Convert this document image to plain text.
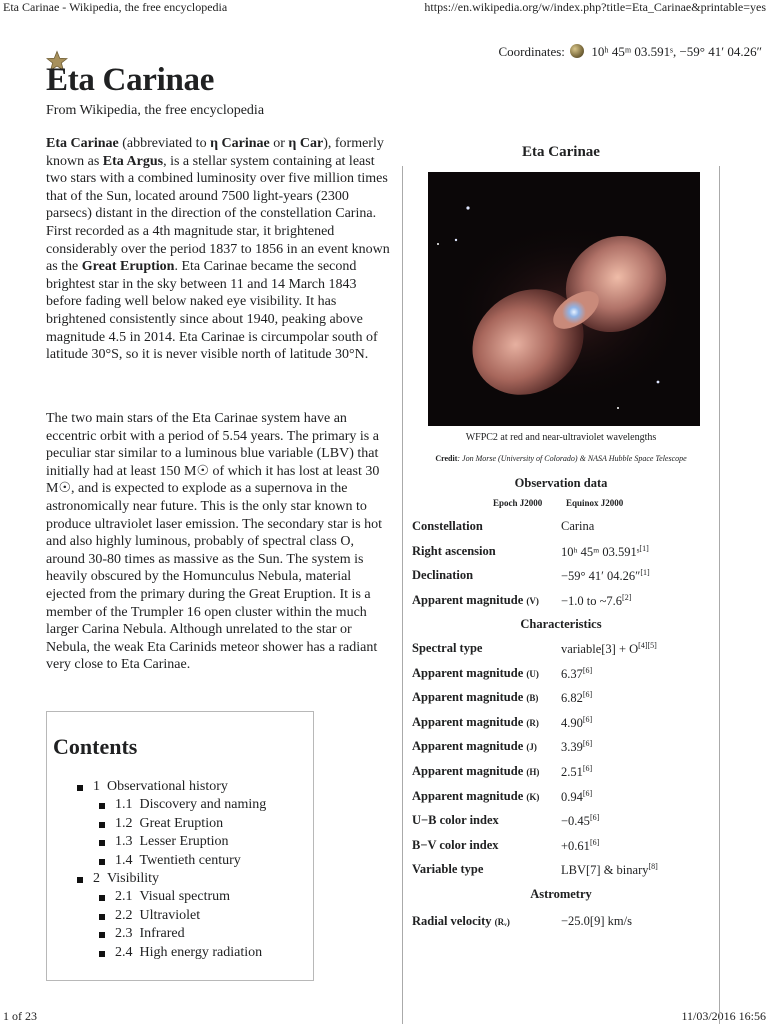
Eta Carinae - Wikipedia, the free encyclopedia	https://en.wikipedia.org/w/index.php?title=Eta_Carinae&printable=yes
1 of 23	11/03/2016 16:56
Coordinates: 10ʰ 45ᵐ 03.591ˢ, −59° 41′ 04.26″
Eta Carinae
From Wikipedia, the free encyclopedia

Eta Carinae (abbreviated to η Carinae or η Car), formerly known as Eta Argus, is a stellar system containing at least two stars with a combined luminosity over five million times that of the Sun, located around 7500 light-years (2300 parsecs) distant in the direction of the constellation Carina. First recorded as a 4th magnitude star, it brightened considerably over the period 1837 to 1856 in an event known as the Great Eruption. Eta Carinae became the second brightest star in the sky between 11 and 14 March 1843 before fading well below naked eye visibility. It has brightened consistently since about 1940, peaking above magnitude 4.5 in 2014. Eta Carinae is circumpolar south of latitude 30°S, so it is never visible north of latitude 30°N.

The two main stars of the Eta Carinae system have an eccentric orbit with a period of 5.54 years. The primary is a peculiar star similar to a luminous blue variable (LBV) that initially had at least 150 M☉ of which it has lost at least 30 M☉, and is expected to explode as a supernova in the astronomically near future. This is the only star known to produce ultraviolet laser emission. The secondary star is hot and also highly luminous, probably of spectral class O, around 30-80 times as massive as the Sun. The system is heavily obscured by the Homunculus Nebula, material ejected from the primary during the Great Eruption. It is a member of the Trumpler 16 open cluster within the much larger Carina Nebula. Although unrelated to the star or Nebula, the weak Eta Carinids meteor shower has a radiant very close to Eta Carinae.

Contents
1  Observational history
1.1  Discovery and naming
1.2  Great Eruption
1.3  Lesser Eruption
1.4  Twentieth century
2  Visibility
2.1  Visual spectrum
2.2  Ultraviolet
2.3  Infrared
2.4  High energy radiation
Eta Carinae
WFPC2 at red and near-ultraviolet wavelengths
Credit: Jon Morse (University of Colorado) & NASA Hubble Space Telescope
Observation data
Epoch J2000	Equinox J2000
Constellation	Carina
Right ascension	10ʰ 45ᵐ 03.591ˢ[1]
Declination	−59° 41′ 04.26″[1]
Apparent magnitude (V) −1.0 to ~7.6[2]
Spectral type	variable[3] + O[4][5]
Apparent magnitude (U) 6.37[6]
Apparent magnitude (B) 6.82[6]
Apparent magnitude (R) 4.90[6]
Apparent magnitude (J) 3.39[6]
Apparent magnitude (H) 2.51[6]
Apparent magnitude (K) 0.94[6]
U−B color index	−0.45[6]
B−V color index	+0.61[6]
Variable type	LBV[7] & binary[8]
Radial velocity (Rᵥ)	−25.0[9] km/s
Characteristics
Astrometry
